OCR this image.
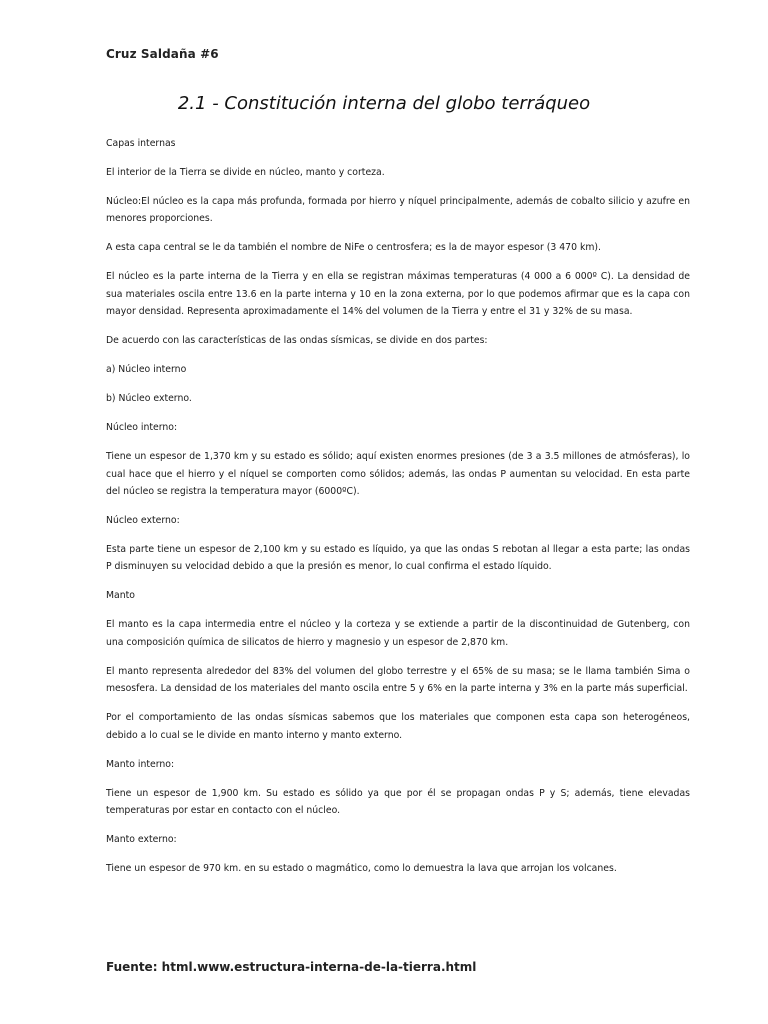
Cruz Saldaña #6
2.1 - Constitución interna del globo terráqueo

Capas internas

El interior de la Tierra se divide en núcleo, manto y corteza.

Núcleo:El núcleo es la capa más profunda, formada por hierro y níquel principalmente, además de cobalto silicio y azufre en menores proporciones.

A esta capa central se le da también el nombre de NiFe o centrosfera; es la de mayor espesor (3 470 km).

El núcleo es la parte interna de la Tierra y en ella se registran máximas temperaturas (4 000 a 6 000º C). La densidad de sua materiales oscila entre 13.6 en la parte interna y 10 en la zona externa, por lo que podemos afirmar que es la capa con mayor densidad. Representa aproximadamente el 14% del volumen de la Tierra y entre el 31 y 32% de su masa.

De acuerdo con las características de las ondas sísmicas, se divide en dos partes:

a) Núcleo interno

b) Núcleo externo.

Núcleo interno:

Tiene un espesor de 1,370 km y su estado es sólido; aquí existen enormes presiones (de 3 a 3.5 millones de atmósferas), lo cual hace que el hierro y el níquel se comporten como sólidos; además, las ondas P aumentan su velocidad. En esta parte del núcleo se registra la temperatura mayor (6000ºC).

Núcleo externo:

Esta parte tiene un espesor de 2,100 km y su estado es líquido, ya que las ondas S rebotan al llegar a esta parte; las ondas P disminuyen su velocidad debido a que la presión es menor, lo cual confirma el estado líquido.

Manto

El manto es la capa intermedia entre el núcleo y la corteza y se extiende a partir de la discontinuidad de Gutenberg, con una composición química de silicatos de hierro y magnesio y un espesor de 2,870 km.

El manto representa alrededor del 83% del volumen del globo terrestre y el 65% de su masa; se le llama también Sima o mesosfera. La densidad de los materiales del manto oscila entre 5 y 6% en la parte interna y 3% en la parte más superficial.

Por el comportamiento de las ondas sísmicas sabemos que los materiales que componen esta capa son heterogéneos, debido a lo cual se le divide en manto interno y manto externo.

Manto interno:

Tiene un espesor de 1,900 km. Su estado es sólido ya que por él se propagan ondas P y S; además, tiene elevadas temperaturas por estar en contacto con el núcleo.

Manto externo:

Tiene un espesor de 970 km. en su estado o magmático, como lo demuestra la lava que arrojan los volcanes.

Fuente: html.www.estructura-interna-de-la-tierra.html
